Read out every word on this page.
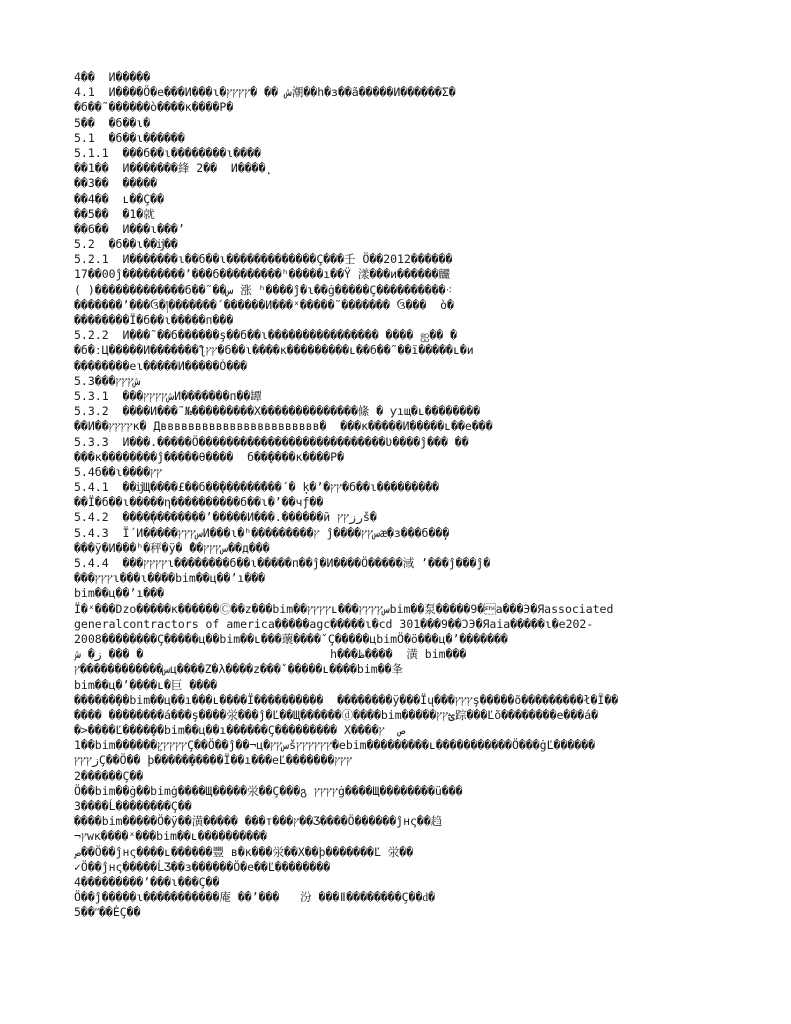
4��  И�����
4.1  И����Ö�е���И���ɩ�ش �� �ץץץץ潮��һ�з��ã�����И������Σ�
�б��˜������ò����к����Р�
5��  �б��ɩ�
5.1  �б��ɩ������
5.1.1  ���б��ɩ��������ɩ����
��1��  И�������綘 2��  И����̨
��3��  �����
��4��  ʟ��Ç��
��5��  �1�就
��6��  И���ɩ���ʼ
5.2  �б��ɩ��ĳ��
5.2.1  И�������ɩ��б��ɩ�������������Ç���壬 Ö��2012������
17��00ĵ���������ʼ���б���������ʰ�����ı��Ÿ 漾���и������麣
( )�������������б��˜��س 涨 ʰ����ĵ�ɩ��ġ�����Ç����������⁖
�������ʼ���ઉ�།�������´������И���ˣ�����˜������� ઉ���  ò�
��������Ï�б��ɩ�����п���
5.2.2  И���˜��б������ş��б��ɩ���������������� ���� ஐ�� �
�б�ːЦ�����И�������ƪץץ�б��ɩ����к���������ʟ��б��˜��ï�����ʟ�и
��������еɩ�����И�����Ȯ���
5.3���شץץץ
5.3.1  ���شץץץץИ�������п��罈
5.3.2  ����И���˜№���������Х��������������絛 � ƴıщ�ʟ��������
��И��ץץץץĸ� Дввввввввввввввввввввввв�  ���ĸ�����И�����ʟ��е���
5.3.3  И���.�����Ö���������������������������Ʋ����ĵ��� ��
���к��������ĵ�����θ����  б��̨����к����Р�
5.4б��ɩ����ץץ
5.4.1  ��ĳЩ����£��б��̨������́���́ � ķ�ʼ�ץץ�б��ɩ�������̇��
��Ï�б��ɩ�����η����������б��ɩ�ʼ��чƒ��
5.4.2  ����̣��������ʼ�����И���.������й رزץץš�
5.4.3  Ï´И�����سץץץИ���ɩ�ʰ��������́�ץ ĵ����سץץæ�з���б��̦�
���ÿ�И���ʰ�秤�ÿ� ̂��سץץץ��д���
5.4.4  ���ץץץץɩ��������б��ɩ�����п��ĵ�И����Ö�����淢 ʼ���ĵ���ĵ�
���ץץץɩ���ɩ����bim��ц��ʼı���
bim��ц��ʼı���
Ï�ˣ���Dzo�����к������Ⓒ��z���bim��ץץץץʟ���سץץץץbim��́泵�����9�a���Э�Яassociated
generalcontractors of america�����agc�����ɩ�cd 301���9��ƆЭ�Яaia�����ɩ�е202-
2008��������Ç�����ц��bim��ʟ���蘾����ˇÇ�����цbimÖ�ö���ц�ʼ�������
ز� ش ��� �                           h���ظ����  潢 bim���
س������������ץц����Z�λ����z���ˇ�����ʟ����bim��夆
bim��ц�ʼ����ʟ�巨 ����
������̧��bim��ц��ı���ʟ����Ï����������  ��������ÿ���Ïų���ץץץş�����õ���������ł�Ï��
���� ��������á���ş����泶���ĵ�Ľ��Щ������ⓓ����bim�����ؿץץ踪���Ľõ��������е���á�
�>����Ľ����̧��bim��ц��ı������Ç��������� Х����ص  ץ
1��bim������̧ץץץץץÇ��Ö��ĵ��¬ц�سץץšץץץץץץ�еbim���������ʟ�����������Ö���ġĽ������
زץץץÇ��Ö�� þ�����̧�����Ï��ı���еĽ�������ץץץ
2������Ç��
Ö��bim��ġ��bimġ����Щ�����泶��Ç���გ ץץץץġ����Щ��������ü���
3����Ĺ��������Ç��
����bim�����Ö�ÿ��潢����� ���т���ץ��Ʒ����Ö������ĵнς��趋
¬ץwк����ˣ���bim��ʟ����������
ص��Ö��ĵнς����ʟ������豐 в�к���泶��Х��þ�������Ľ 泶��
✓Ö��ĵнς�����ĹƷ��з������Ö�е��Ľ��������
4���������ʼ���ɩ���Ç��
Ö��ĵ�����ɩ�����������庵 ��ʼ���   汾 ���ǁ��������Ç��ԁ�
5��ʺ��ĖÇ��
